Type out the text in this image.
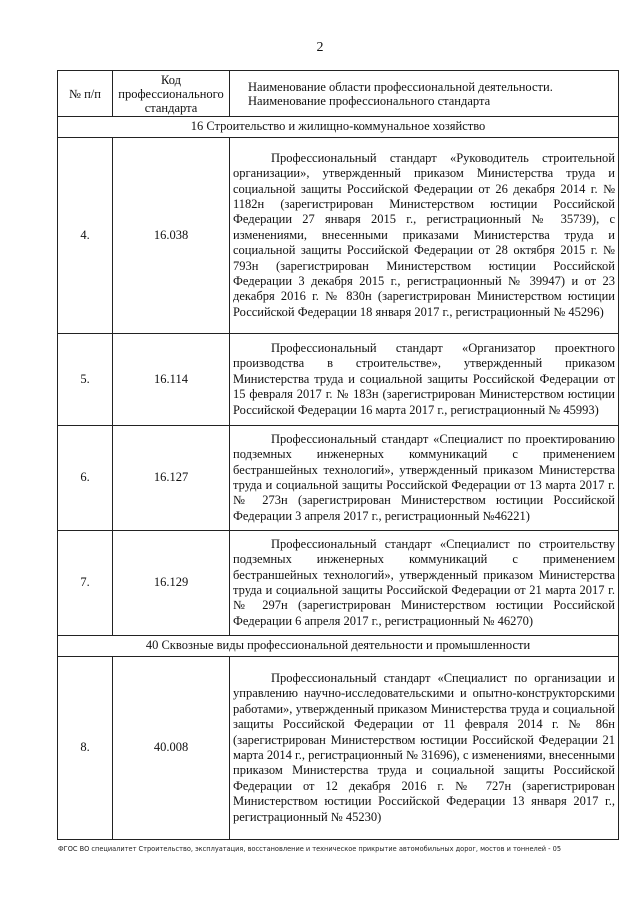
2
№ п/п	Код профессионального стандарта	Наименование области профессиональной деятельности.
Наименование профессионального стандарта

16 Строительство и жилищно-коммунальное хозяйство		
4.	16.038	Профессиональный стандарт «Руководитель строительной организации», утвержденный приказом Министерства труда и социальной защиты Российской Федерации от 26 декабря 2014 г. № 1182н (зарегистрирован Министерством юстиции Российской Федерации 27 января 2015 г., регистрационный № 35739), с изменениями, внесенными приказами Министерства труда и социальной защиты Российской Федерации от 28 октября 2015 г. № 793н (зарегистрирован Министерством юстиции Российской Федерации 3 декабря 2015 г., регистрационный № 39947) и от 23 декабря 2016 г. № 830н (зарегистрирован Министерством юстиции Российской Федерации 18 января 2017 г., регистрационный № 45296)
5.	16.114	Профессиональный стандарт «Организатор проектного производства в строительстве», утвержденный приказом Министерства труда и социальной защиты Российской Федерации от 15 февраля 2017 г. № 183н (зарегистрирован Министерством юстиции Российской Федерации 16 марта 2017 г., регистрационный № 45993)
6.	16.127	Профессиональный стандарт «Специалист по проектированию подземных инженерных коммуникаций с применением бестраншейных технологий», утвержденный приказом Министерства труда и социальной защиты Российской Федерации от 13 марта 2017 г. № 273н (зарегистрирован Министерством юстиции Российской Федерации 3 апреля 2017 г., регистрационный №46221)
7.	16.129	Профессиональный стандарт «Специалист по строительству подземных инженерных коммуникаций с применением бестраншейных технологий», утвержденный приказом Министерства труда и социальной защиты Российской Федерации от 21 марта 2017 г. № 297н (зарегистрирован Министерством юстиции Российской Федерации 6 апреля 2017 г., регистрационный № 46270)
40 Сквозные виды профессиональной деятельности и промышленности		
8.	40.008	Профессиональный стандарт «Специалист по организации и управлению научно-исследовательскими и опытно-конструкторскими работами», утвержденный приказом Министерства труда и социальной защиты Российской Федерации от 11 февраля 2014 г. № 86н (зарегистрирован Министерством юстиции Российской Федерации 21 марта 2014 г., регистрационный № 31696), с изменениями, внесенными приказом Министерства труда и социальной защиты Российской Федерации от 12 декабря 2016 г. № 727н (зарегистрирован Министерством юстиции Российской Федерации 13 января 2017 г., регистрационный № 45230)
ФГОС ВО специалитет Строительство, эксплуатация, восстановление и техническое прикрытие автомобильных дорог, мостов и тоннелей - 05
